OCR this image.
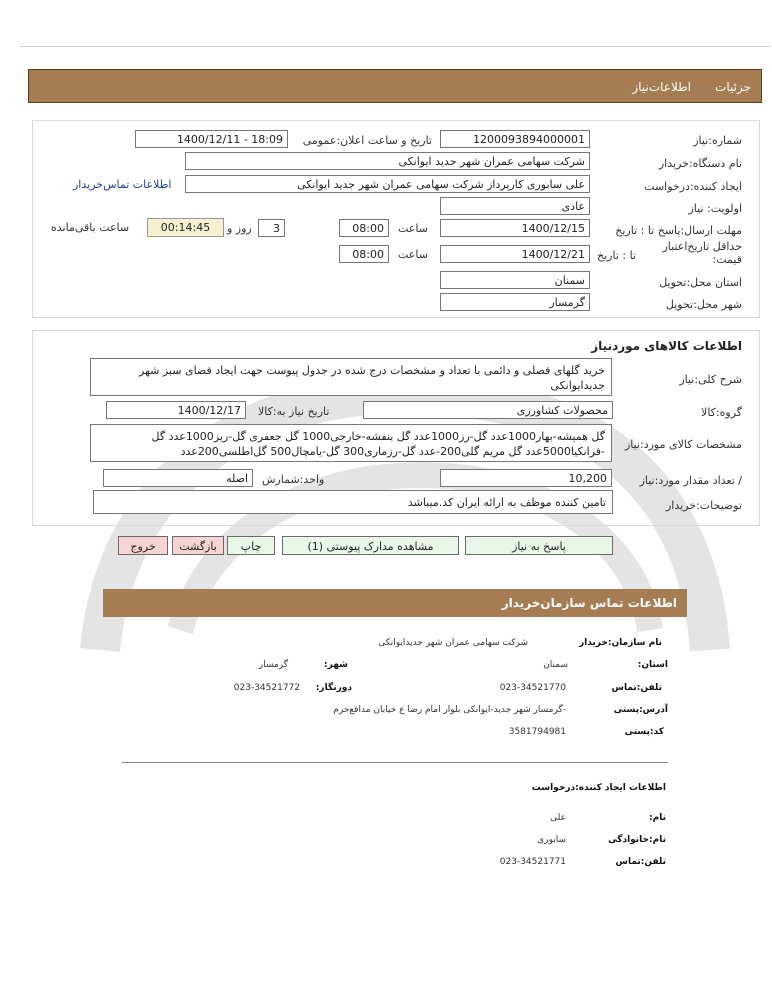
جزئیات
اطلاعات‌نیاز
شماره:نیاز
1200093894000001
تاریخ و ساعت اعلان:عمومی
1400/12/11 - 18:09
نام دستگاه:خریدار
شرکت سهامی عمران شهر جدید ایوانکی
ایجاد کننده:درخواست
علی سابوری کارپرداز شرکت سهامی عمران شهر جدید ایوانکی
اطلاعات تماس‌خریدار
اولویت: نیاز
عادی
مهلت ارسال:پاسخ تا : تاریخ
1400/12/15
ساعت
08:00
3
روز و
00:14:45
ساعت باقی‌مانده
حداقل تاریخ‌اعتبار قیمت:
تا : تاریخ
1400/12/21
ساعت
08:00
استان محل:تحویل
سمنان
شهر محل:تحویل
گرمسار
اطلاعات کالاهای موردنیاز
شرح کلی:نیاز
خرید گلهای فصلی و دائمی با تعداد و مشخصات درج شده در جدول پیوست جهت ایجاد فضای سبز شهر جدیدایوانکی
گروه:کالا
محصولات کشاورزی
تاریخ نیاز به:کالا
1400/12/17
مشخصات کالای مورد:نیاز
گل همیشه-بهار1000عدد گل-رز1000عدد گل بنفشه-خارجی1000 گل جعفری گل-ریز1000عدد گل -فرانکیا5000عدد گل مریم گلی200-عدد گل-رزماری300 گل-یامچال500 گل‌اطلسی200عدد
/ تعداد مقدار مورد:نیاز
10,200
واحد:شمارش
اصله
توضیحات:خریدار
تامین کننده موظف به ارائه ایران کد.میباشد
پاسخ به نیاز
مشاهده مدارک پیوستی (1)
چاپ
بازگشت
خروج
اطلاعات تماس سازمان‌خریدار
نام سازمان:خریدار
شرکت سهامی عمران شهر جدیدایوانکی
استان:
سمنان
شهر:
گرمسار
تلفن:تماس
023-34521770
دورنگار:
023-34521772
آدرس:پستی
-گرمسار شهر جدید-ایوانکی بلوار امام رضا ع خیابان مدافع‌حرم
کد:پستی
3581794981
اطلاعات ایجاد کننده:درخواست
نام:
علی
نام:خانوادگی
سابوری
تلفن:تماس
023-34521771
